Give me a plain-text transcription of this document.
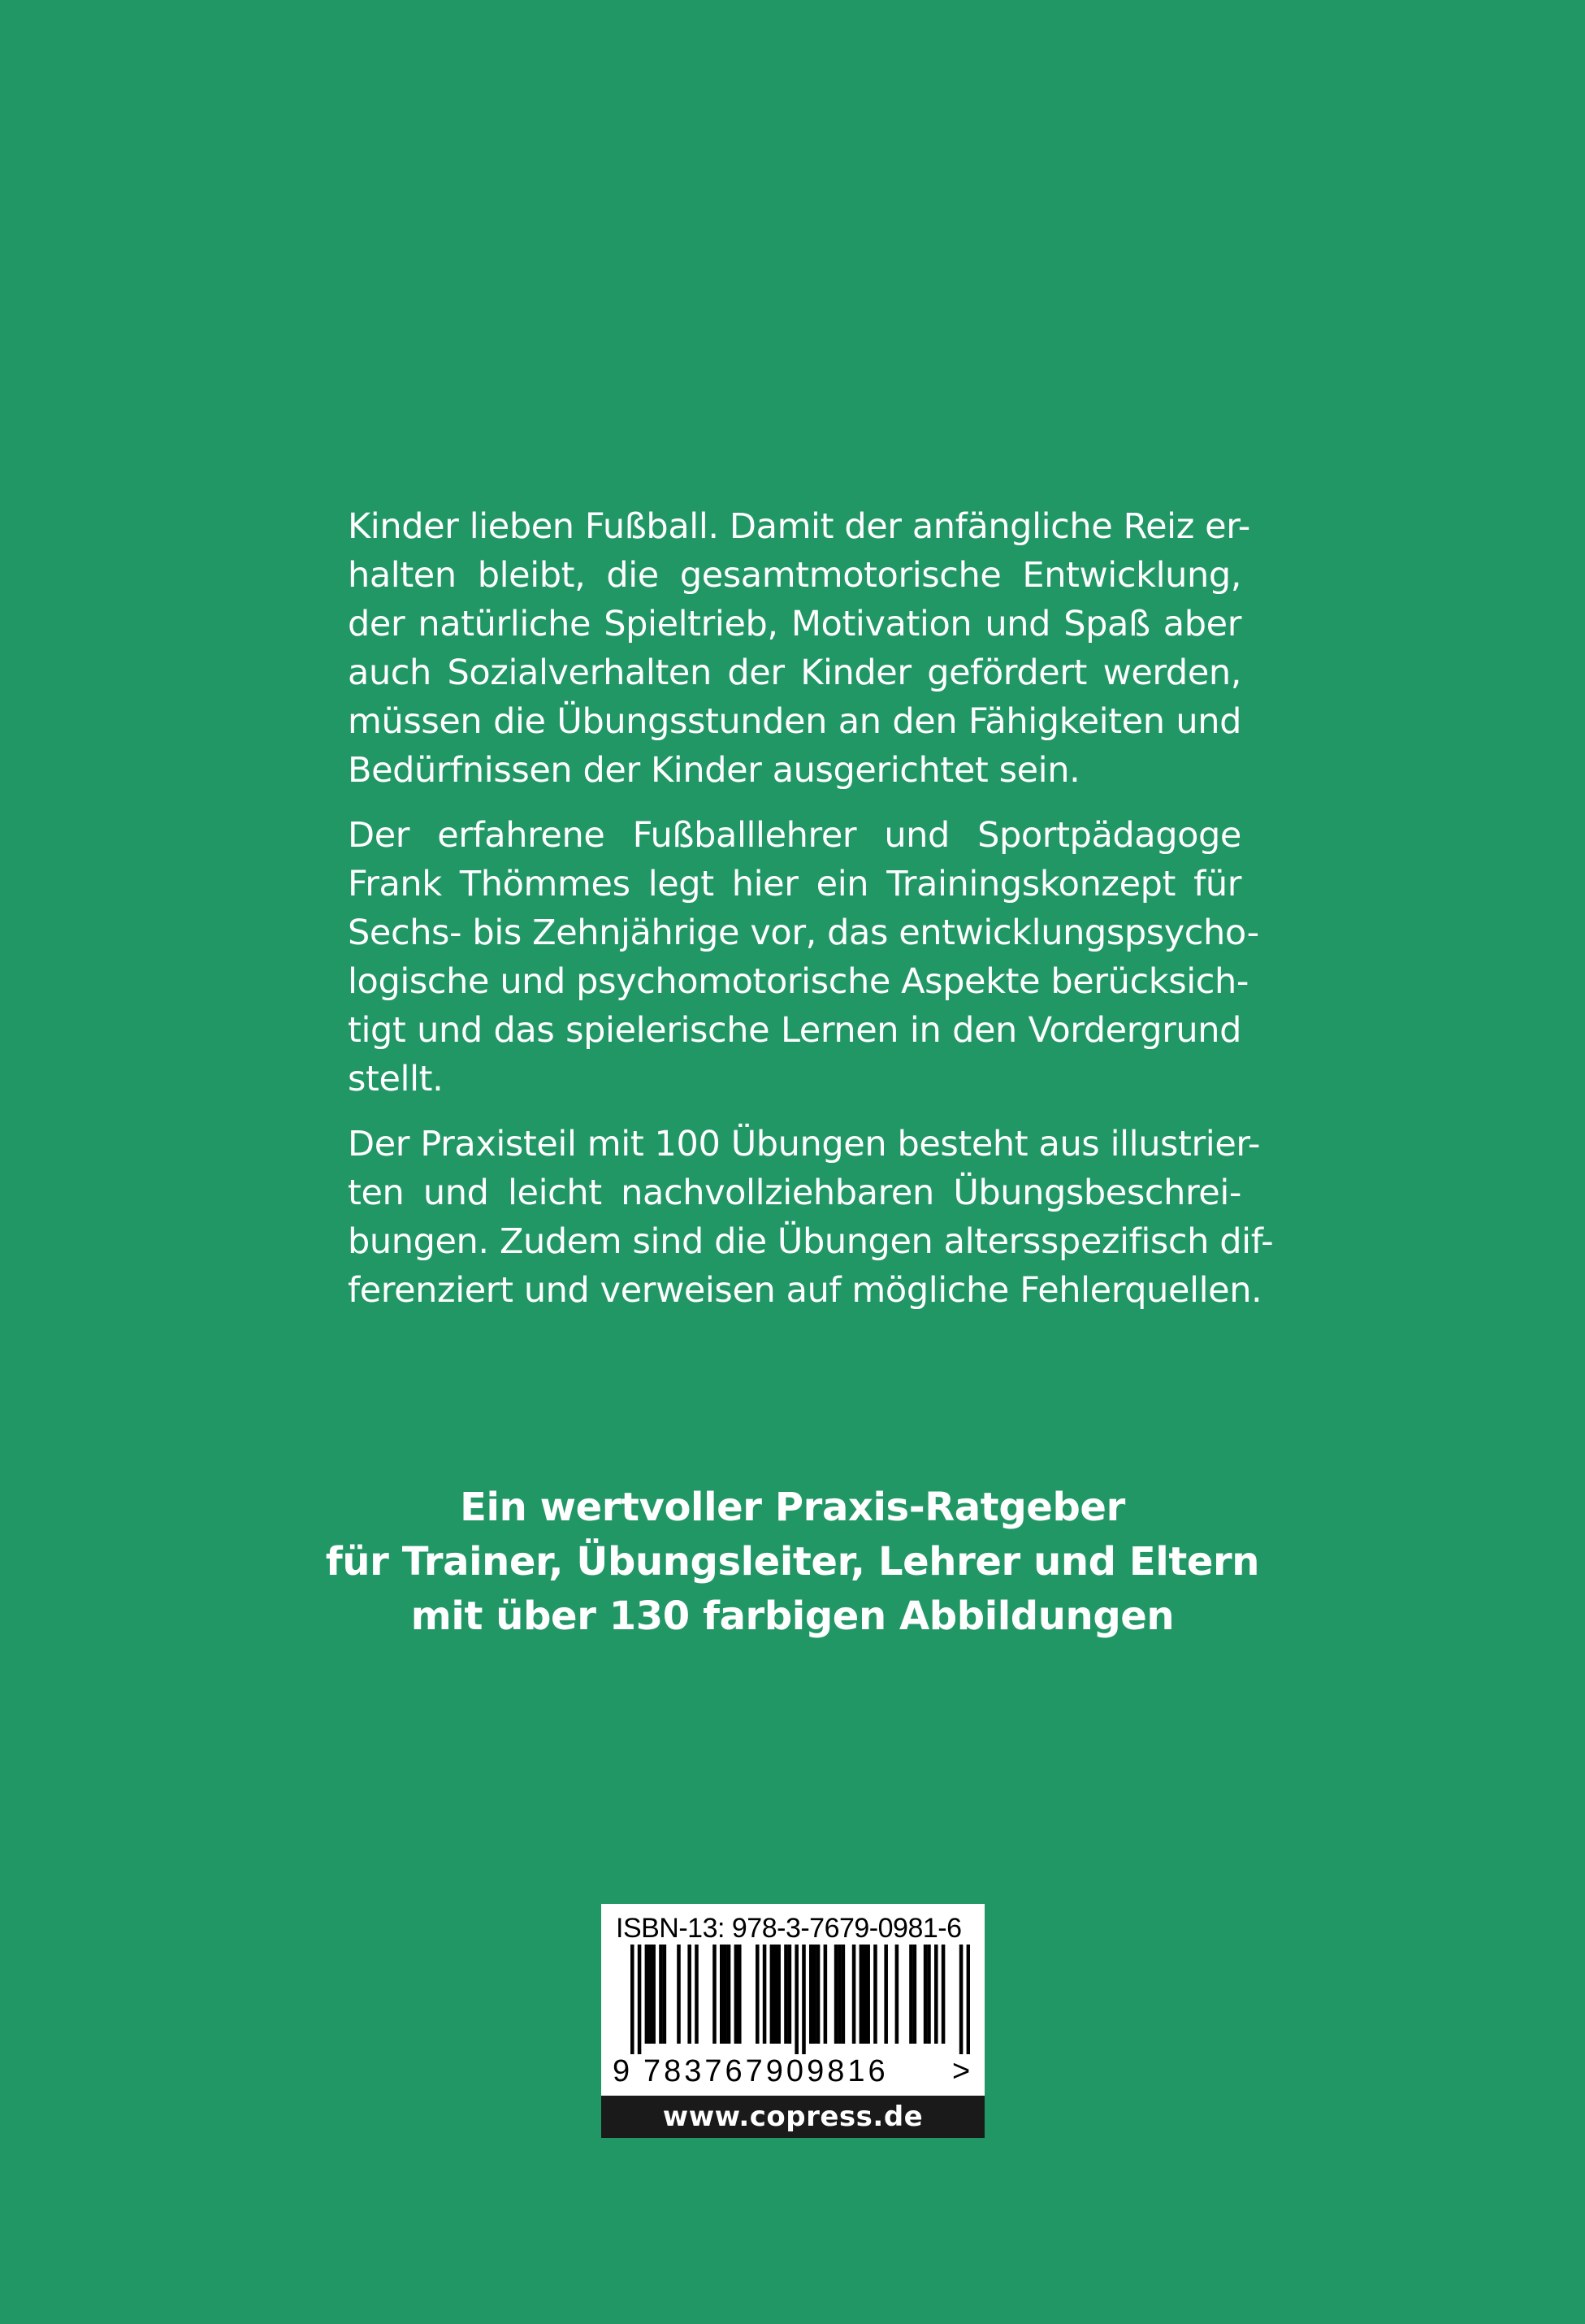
Kinder lieben Fußball. Damit der anfängliche Reiz er-
halten bleibt, die gesamtmotorische Entwicklung,
der natürliche Spieltrieb, Motivation und Spaß aber
auch Sozialverhalten der Kinder gefördert werden,
müssen die Übungsstunden an den Fähigkeiten und
Bedürfnissen der Kinder ausgerichtet sein.

Der erfahrene Fußballlehrer und Sportpädagoge
Frank Thömmes legt hier ein Trainingskonzept für
Sechs- bis Zehnjährige vor, das entwicklungspsycho-
logische und psychomotorische Aspekte berücksich-
tigt und das spielerische Lernen in den Vordergrund
stellt.

Der Praxisteil mit 100 Übungen besteht aus illustrier-
ten und leicht nachvollziehbaren Übungsbeschrei-
bungen. Zudem sind die Übungen altersspezifisch dif-
ferenziert und verweisen auf mögliche Fehlerquellen.

Ein wertvoller Praxis-Ratgeber
für Trainer, Übungsleiter, Lehrer und Eltern
mit über 130 farbigen Abbildungen
ISBN-13: 978-3-7679-0981-6
9 783767909816 >
www.copress.de
